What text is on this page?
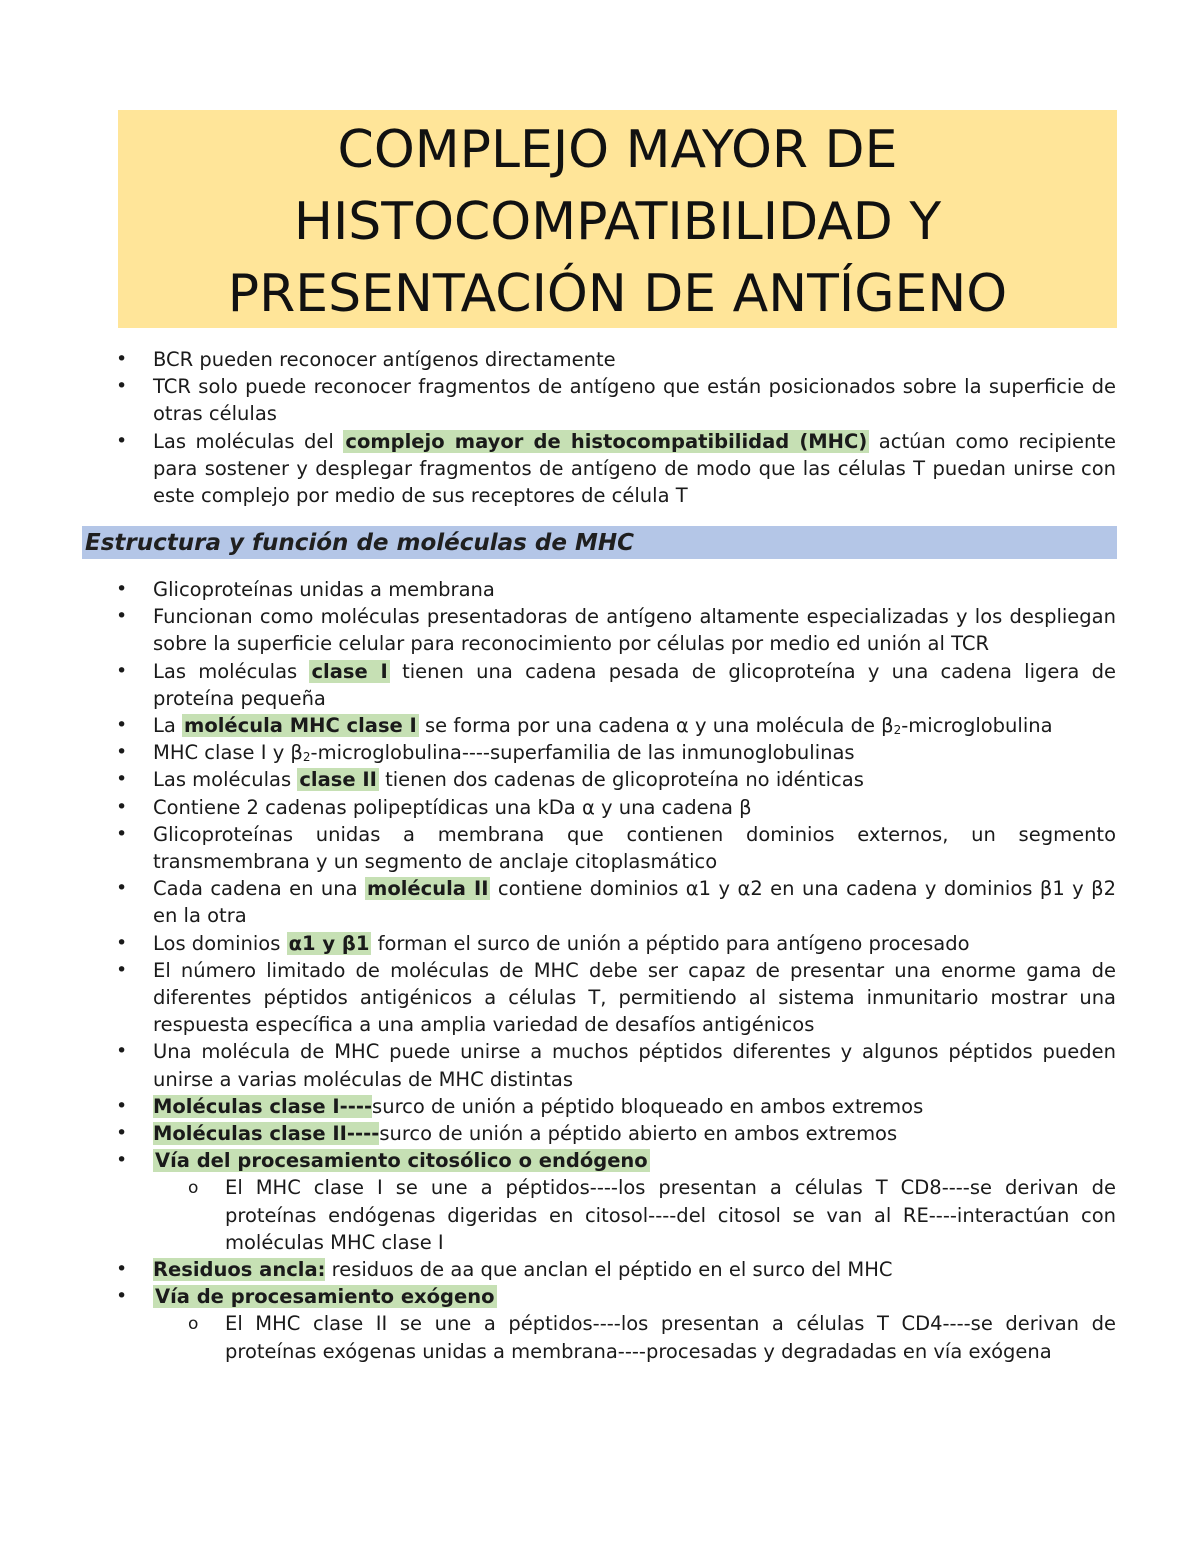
COMPLEJO MAYOR DE
HISTOCOMPATIBILIDAD Y
PRESENTACIÓN DE ANTÍGENO
• BCR pueden reconocer antígenos directamente
• TCR solo puede reconocer fragmentos de antígeno que están posicionados sobre la superficie de otras células
• Las moléculas del complejo mayor de histocompatibilidad (MHC) actúan como recipiente para sostener y desplegar fragmentos de antígeno de modo que las células T puedan unirse con este complejo por medio de sus receptores de célula T
Estructura y función de moléculas de MHC
• Glicoproteínas unidas a membrana
• Funcionan como moléculas presentadoras de antígeno altamente especializadas y los despliegan sobre la superficie celular para reconocimiento por células por medio ed unión al TCR
• Las moléculas clase I tienen una cadena pesada de glicoproteína y una cadena ligera de proteína pequeña
• La molécula MHC clase I se forma por una cadena α y una molécula de $\beta_2$-microglobulina
• MHC clase I y $\beta_2-microglobulina---$-superfamilia de las inmunoglobulinas
• Las moléculas clase II tienen dos cadenas de glicoproteína no idénticas
• Contiene 2 cadenas polipeptídicas una kDa α y una cadena β
• Glicoproteínas unidas a membrana que contienen dominios externos, un segmento transmembrana y un segmento de anclaje citoplasmático
• Cada cadena en una molécula II contiene dominios α1 y α2 en una cadena y dominios β1 y β2 en la otra
• Los dominios α1 y β1 forman el surco de unión a péptido para antígeno procesado
• El número limitado de moléculas de MHC debe ser capaz de presentar una enorme gama de diferentes péptidos antigénicos a células T, permitiendo al sistema inmunitario mostrar una respuesta específica a una amplia variedad de desafíos antigénicos
• Una molécula de MHC puede unirse a muchos péptidos diferentes y algunos péptidos pueden unirse a varias moléculas de MHC distintas
• Moléculas clase I----surco de unión a péptido bloqueado en ambos extremos
• Moléculas clase II----surco de unión a péptido abierto en ambos extremos
• Vía del procesamiento citosólico o endógeno
o El MHC clase I se une a péptidos----los presentan a células T CD8----se derivan de proteínas endógenas digeridas en citosol----del citosol se van al RE----interactúan con moléculas MHC clase I
• Residuos ancla: residuos de aa que anclan el péptido en el surco del MHC
• Vía de procesamiento exógeno
o El MHC clase II se une a péptidos----los presentan a células T CD4----se derivan de proteínas exógenas unidas a membrana----procesadas y degradadas en vía exógena
